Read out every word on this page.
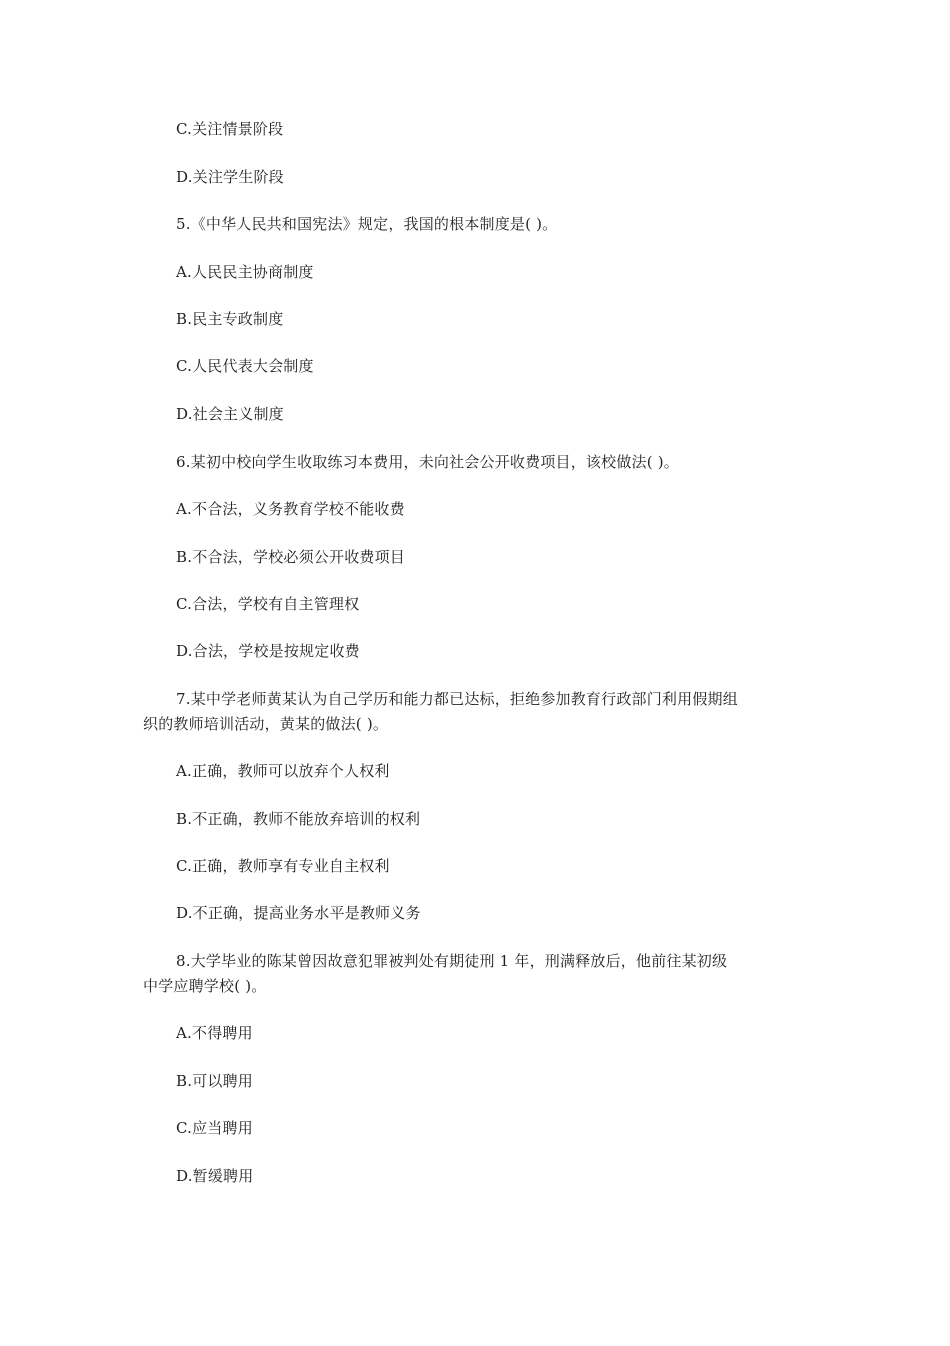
C.关注情景阶段
D.关注学生阶段
5.《中华人民共和国宪法》规定，我国的根本制度是( )。
A.人民民主协商制度
B.民主专政制度
C.人民代表大会制度
D.社会主义制度
6.某初中校向学生收取练习本费用，未向社会公开收费项目，该校做法( )。
A.不合法，义务教育学校不能收费
B.不合法，学校必须公开收费项目
C.合法，学校有自主管理权
D.合法，学校是按规定收费
7.某中学老师黄某认为自己学历和能力都已达标，拒绝参加教育行政部门利用假期组
织的教师培训活动，黄某的做法( )。
A.正确，教师可以放弃个人权利
B.不正确，教师不能放弃培训的权利
C.正确，教师享有专业自主权利
D.不正确，提高业务水平是教师义务
8.大学毕业的陈某曾因故意犯罪被判处有期徒刑 1 年，刑满释放后，他前往某初级
中学应聘学校( )。
A.不得聘用
B.可以聘用
C.应当聘用
D.暂缓聘用
